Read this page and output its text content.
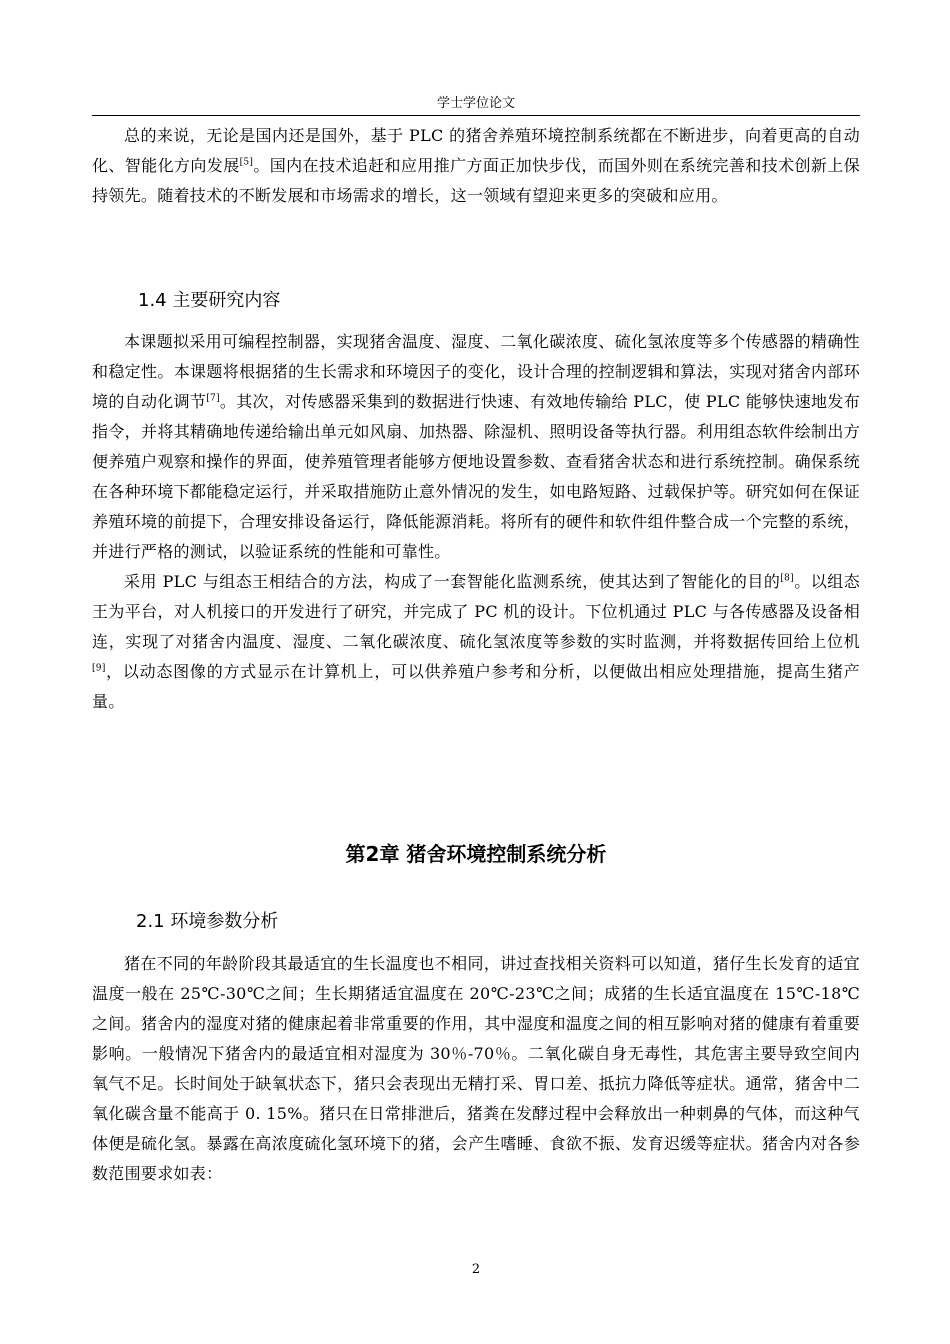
学士学位论文

总的来说，无论是国内还是国外，基于 PLC 的猪舍养殖环境控制系统都在不断进步，向着更高的自动化、智能化方向发展[5]。国内在技术追赶和应用推广方面正加快步伐，而国外则在系统完善和技术创新上保持领先。随着技术的不断发展和市场需求的增长，这一领域有望迎来更多的突破和应用。

1.4 主要研究内容

本课题拟采用可编程控制器，实现猪舍温度、湿度、二氧化碳浓度、硫化氢浓度等多个传感器的精确性和稳定性。本课题将根据猪的生长需求和环境因子的变化，设计合理的控制逻辑和算法，实现对猪舍内部环境的自动化调节[7]。其次，对传感器采集到的数据进行快速、有效地传输给 PLC，使 PLC 能够快速地发布指令，并将其精确地传递给输出单元如风扇、加热器、除湿机、照明设备等执行器。利用组态软件绘制出方便养殖户观察和操作的界面，使养殖管理者能够方便地设置参数、查看猪舍状态和进行系统控制。确保系统在各种环境下都能稳定运行，并采取措施防止意外情况的发生，如电路短路、过载保护等。研究如何在保证养殖环境的前提下，合理安排设备运行，降低能源消耗。将所有的硬件和软件组件整合成一个完整的系统，并进行严格的测试，以验证系统的性能和可靠性。

采用 PLC 与组态王相结合的方法，构成了一套智能化监测系统，使其达到了智能化的目的[8]。以组态王为平台，对人机接口的开发进行了研究，并完成了 PC 机的设计。下位机通过 PLC 与各传感器及设备相连，实现了对猪舍内温度、湿度、二氧化碳浓度、硫化氢浓度等参数的实时监测，并将数据传回给上位机[9]，以动态图像的方式显示在计算机上，可以供养殖户参考和分析，以便做出相应处理措施，提高生猪产量。

第2章 猪舍环境控制系统分析
2.1 环境参数分析

猪在不同的年龄阶段其最适宜的生长温度也不相同，讲过查找相关资料可以知道，猪仔生长发育的适宜温度一般在 25℃-30℃之间；生长期猪适宜温度在 20℃-23℃之间；成猪的生长适宜温度在 15℃-18℃之间。猪舍内的湿度对猪的健康起着非常重要的作用，其中湿度和温度之间的相互影响对猪的健康有着重要影响。一般情况下猪舍内的最适宜相对湿度为 30％-70％。二氧化碳自身无毒性，其危害主要导致空间内氧气不足。长时间处于缺氧状态下，猪只会表现出无精打采、胃口差、抵抗力降低等症状。通常，猪舍中二氧化碳含量不能高于 0. 15%。猪只在日常排泄后，猪粪在发酵过程中会释放出一种刺鼻的气体，而这种气体便是硫化氢。暴露在高浓度硫化氢环境下的猪，会产生嗜睡、食欲不振、发育迟缓等症状。猪舍内对各参数范围要求如表：

2
